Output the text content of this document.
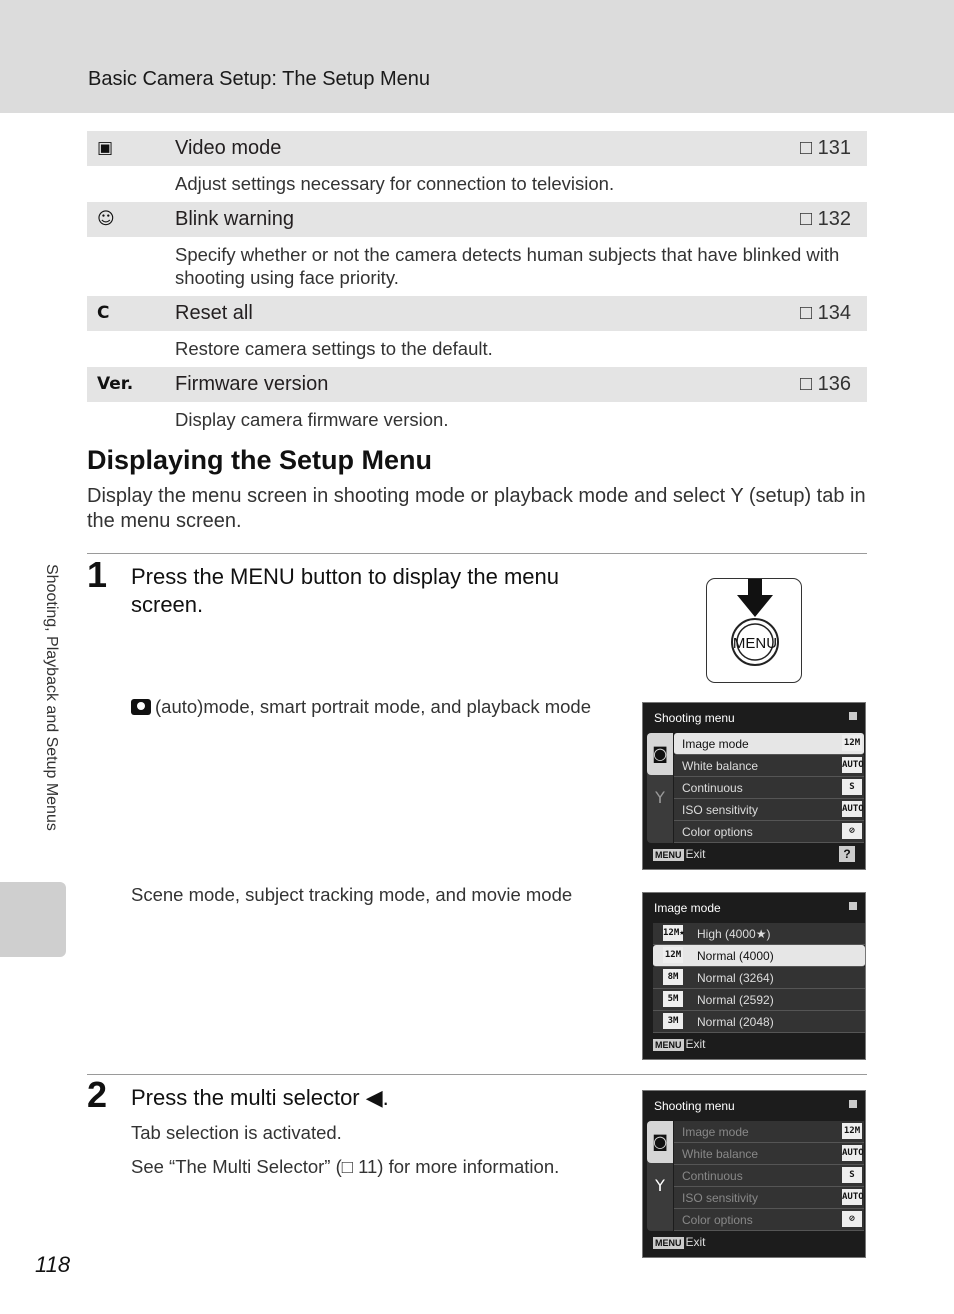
Basic Camera Setup: The Setup Menu
Shooting, Playback and Setup Menus
▣	Video mode	□ 131
Adjust settings necessary for connection to television.
☺	Blink warning	□ 132
Specify whether or not the camera detects human subjects that have blinked with shooting using face priority.
C	Reset all	□ 134
Restore camera settings to the default.
Ver. Firmware version	□ 136
Display camera firmware version.
Displaying the Setup Menu
Display the menu screen in shooting mode or playback mode and select Y (setup) tab in the menu screen.
1 Press the MENU button to display the menu screen.
MENU
(auto)mode, smart portrait mode, and playback mode
Shooting menu
◙
Y
Image mode	12M
White balance	AUTO
Continuous	S
ISO sensitivity	AUTO
Color options	⊘
MENU Exit	?
Scene mode, subject tracking mode, and movie mode
Image mode
12M★ High (4000★)
12M Normal (4000)
8M	Normal (3264)
5M	Normal (2592)
3M	Normal (2048)
MENU Exit
2 Press the multi selector ◀.
Tab selection is activated.
See “The Multi Selector” (□ 11) for more information.
Shooting menu
◙
Y
Image mode	12M
White balance	AUTO
Continuous	S
ISO sensitivity	AUTO
Color options	⊘
MENU Exit
118
